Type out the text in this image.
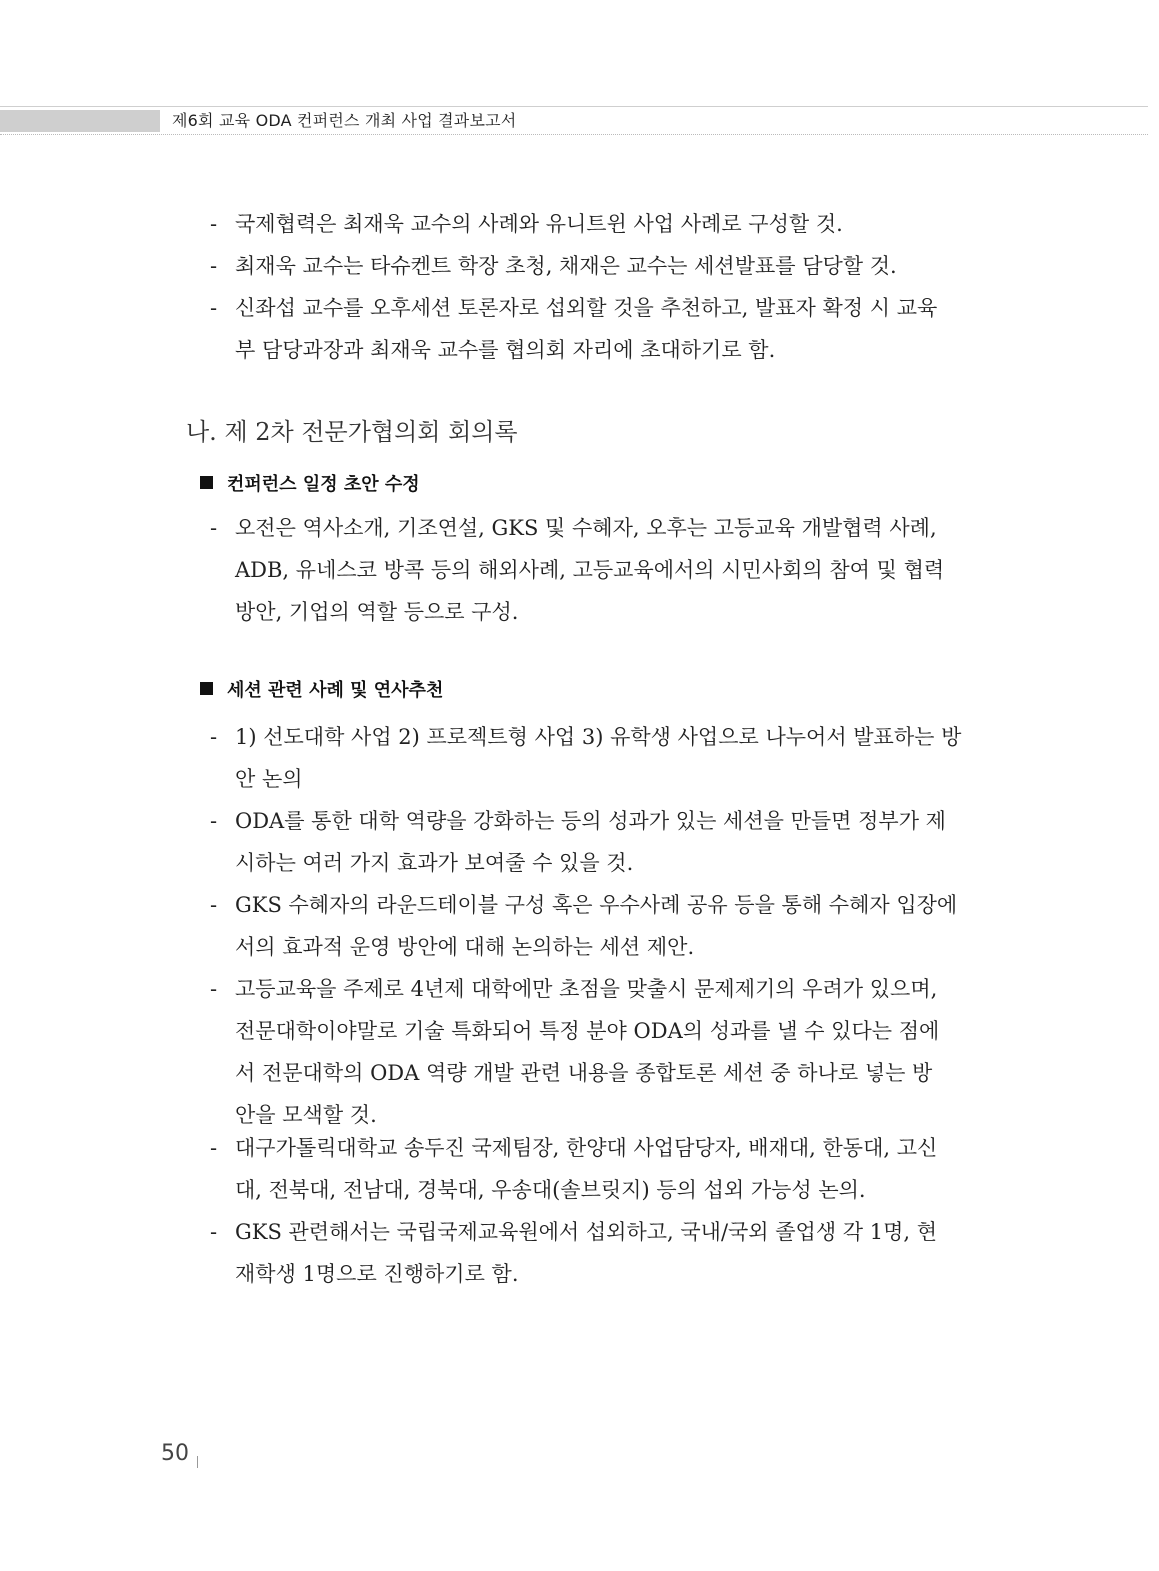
제6회 교육 ODA 컨퍼런스 개최 사업 결과보고서
- 국제협력은 최재욱 교수의 사례와 유니트윈 사업 사례로 구성할 것.
- 최재욱 교수는 타슈켄트 학장 초청, 채재은 교수는 세션발표를 담당할 것.
- 신좌섭 교수를 오후세션 토론자로 섭외할 것을 추천하고, 발표자 확정 시 교육
부 담당과장과 최재욱 교수를 협의회 자리에 초대하기로 함.
나. 제 2차 전문가협의회 회의록
컨퍼런스 일정 초안 수정
- 오전은 역사소개, 기조연설, GKS 및 수혜자, 오후는 고등교육 개발협력 사례,
ADB, 유네스코 방콕 등의 해외사례, 고등교육에서의 시민사회의 참여 및 협력
방안, 기업의 역할 등으로 구성.
세션 관련 사례 및 연사추천
- 1) 선도대학 사업 2) 프로젝트형 사업 3) 유학생 사업으로 나누어서 발표하는 방
안 논의
- ODA를 통한 대학 역량을 강화하는 등의 성과가 있는 세션을 만들면 정부가 제
시하는 여러 가지 효과가 보여줄 수 있을 것.
- GKS 수혜자의 라운드테이블 구성 혹은 우수사례 공유 등을 통해 수혜자 입장에
서의 효과적 운영 방안에 대해 논의하는 세션 제안.
- 고등교육을 주제로 4년제 대학에만 초점을 맞출시 문제제기의 우려가 있으며,
전문대학이야말로 기술 특화되어 특정 분야 ODA의 성과를 낼 수 있다는 점에
서 전문대학의 ODA 역량 개발 관련 내용을 종합토론 세션 중 하나로 넣는 방
안을 모색할 것.
- 대구가톨릭대학교 송두진 국제팀장, 한양대 사업담당자, 배재대, 한동대, 고신
대, 전북대, 전남대, 경북대, 우송대(솔브릿지) 등의 섭외 가능성 논의.
- GKS 관련해서는 국립국제교육원에서 섭외하고, 국내/국외 졸업생 각 1명, 현
재학생 1명으로 진행하기로 함.
50
